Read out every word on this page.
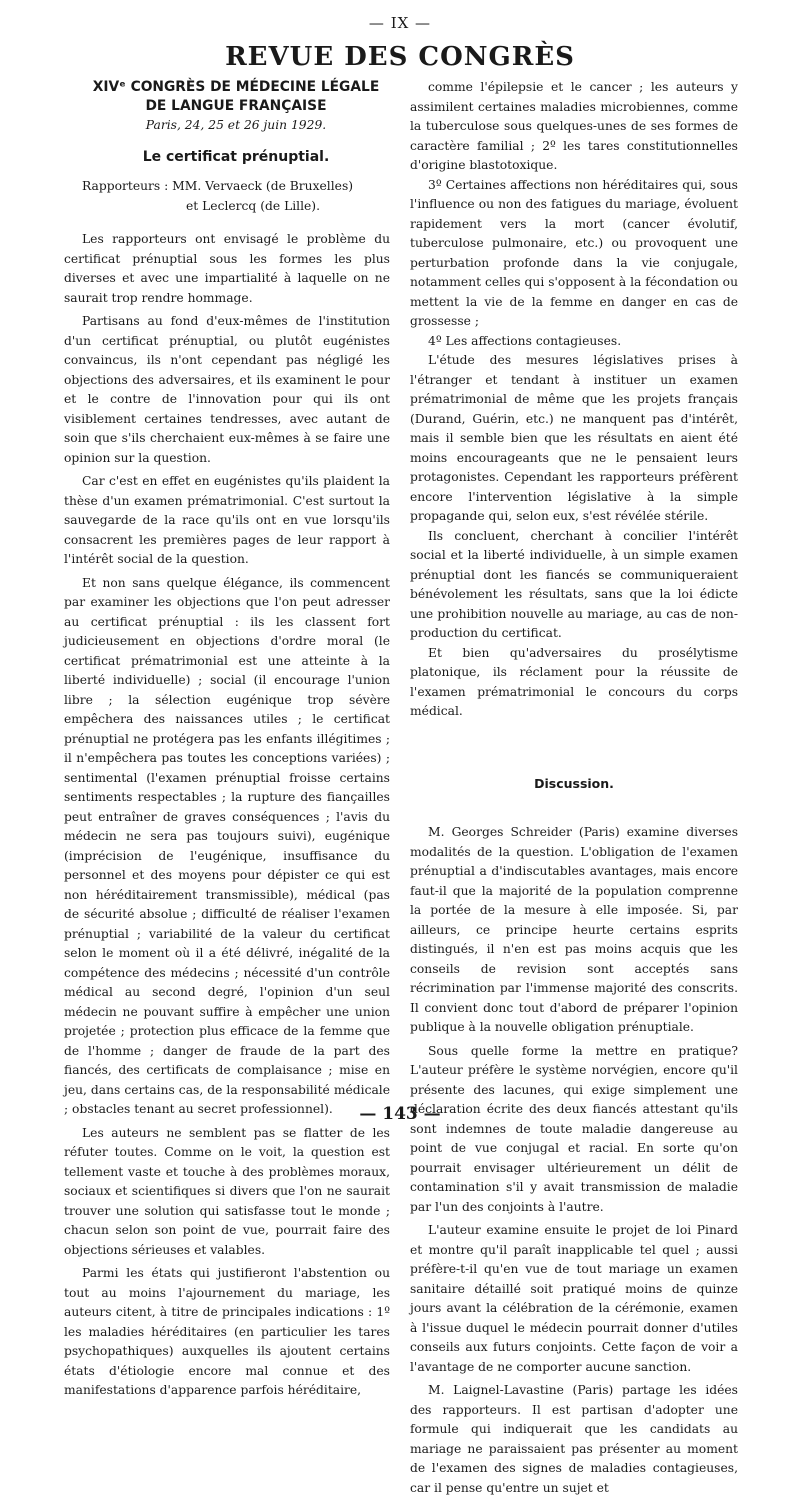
— IX —
REVUE DES CONGRÈS

XIVᵉ CONGRÈS DE MÉDECINE LÉGALE

DE LANGUE FRANÇAISE

Paris, 24, 25 et 26 juin 1929.

Le certificat prénuptial.

Rapporteurs : MM. Vervaeck (de Bruxelles)

et Leclercq (de Lille).

Les rapporteurs ont envisagé le problème du certificat prénuptial sous les formes les plus diverses et avec une impartialité à laquelle on ne saurait trop rendre hommage.

Partisans au fond d'eux-mêmes de l'institution d'un certificat prénuptial, ou plutôt eugénistes convaincus, ils n'ont cependant pas négligé les objections des adversaires, et ils examinent le pour et le contre de l'innovation pour qui ils ont visiblement certaines tendresses, avec autant de soin que s'ils cherchaient eux-mêmes à se faire une opinion sur la question.

Car c'est en effet en eugénistes qu'ils plaident la thèse d'un examen prématrimonial. C'est surtout la sauvegarde de la race qu'ils ont en vue lorsqu'ils consacrent les premières pages de leur rapport à l'intérêt social de la question.

Et non sans quelque élégance, ils commencent par examiner les objections que l'on peut adresser au certificat prénuptial : ils les classent fort judicieusement en objections d'ordre moral (le certificat prématrimonial est une atteinte à la liberté individuelle) ; social (il encourage l'union libre ; la sélection eugénique trop sévère empêchera des naissances utiles ; le certificat prénuptial ne protégera pas les enfants illégitimes ; il n'empêchera pas toutes les conceptions variées) ; sentimental (l'examen prénuptial froisse certains sentiments respectables ; la rupture des fiançailles peut entraîner de graves conséquences ; l'avis du médecin ne sera pas toujours suivi), eugénique (imprécision de l'eugénique, insuffisance du personnel et des moyens pour dépister ce qui est non héréditairement transmissible), médical (pas de sécurité absolue ; difficulté de réaliser l'examen prénuptial ; variabilité de la valeur du certificat selon le moment où il a été délivré, inégalité de la compétence des médecins ; nécessité d'un contrôle médical au second degré, l'opinion d'un seul médecin ne pouvant suffire à empêcher une union projetée ; protection plus efficace de la femme que de l'homme ; danger de fraude de la part des fiancés, des certificats de complaisance ; mise en jeu, dans certains cas, de la responsabilité médicale ; obstacles tenant au secret professionnel).

Les auteurs ne semblent pas se flatter de les réfuter toutes. Comme on le voit, la question est tellement vaste et touche à des problèmes moraux, sociaux et scientifiques si divers que l'on ne saurait trouver une solution qui satisfasse tout le monde ; chacun selon son point de vue, pourrait faire des objections sérieuses et valables.

Parmi les états qui justifieront l'abstention ou tout au moins l'ajournement du mariage, les auteurs citent, à titre de principales indications : 1º les maladies héréditaires (en particulier les tares psychopathiques) auxquelles ils ajoutent certains états d'étiologie encore mal connue et des manifestations d'apparence parfois héréditaire,

comme l'épilepsie et le cancer ; les auteurs y assimilent certaines maladies microbiennes, comme la tuberculose sous quelques-unes de ses formes de caractère familial ; 2º les tares constitutionnelles d'origine blastotoxique.

3º Certaines affections non héréditaires qui, sous l'influence ou non des fatigues du mariage, évoluent rapidement vers la mort (cancer évolutif, tuberculose pulmonaire, etc.) ou provoquent une perturbation profonde dans la vie conjugale, notamment celles qui s'opposent à la fécondation ou mettent la vie de la femme en danger en cas de grossesse ;

4º Les affections contagieuses.

L'étude des mesures législatives prises à l'étranger et tendant à instituer un examen prématrimonial de même que les projets français (Durand, Guérin, etc.) ne manquent pas d'intérêt, mais il semble bien que les résultats en aient été moins encourageants que ne le pensaient leurs protagonistes. Cependant les rapporteurs préfèrent encore l'intervention législative à la simple propagande qui, selon eux, s'est révélée stérile.

Ils concluent, cherchant à concilier l'intérêt social et la liberté individuelle, à un simple examen prénuptial dont les fiancés se communiqueraient bénévolement les résultats, sans que la loi édicte une prohibition nouvelle au mariage, au cas de non-production du certificat.

Et bien qu'adversaires du prosélytisme platonique, ils réclament pour la réussite de l'examen prématrimonial le concours du corps médical.

Discussion.

M. Georges Schreider (Paris) examine diverses modalités de la question. L'obligation de l'examen prénuptial a d'indiscutables avantages, mais encore faut-il que la majorité de la population comprenne la portée de la mesure à elle imposée. Si, par ailleurs, ce principe heurte certains esprits distingués, il n'en est pas moins acquis que les conseils de revision sont acceptés sans récrimination par l'immense majorité des conscrits. Il convient donc tout d'abord de préparer l'opinion publique à la nouvelle obligation prénuptiale.

Sous quelle forme la mettre en pratique? L'auteur préfère le système norvégien, encore qu'il présente des lacunes, qui exige simplement une déclaration écrite des deux fiancés attestant qu'ils sont indemnes de toute maladie dangereuse au point de vue conjugal et racial. En sorte qu'on pourrait envisager ultérieurement un délit de contamination s'il y avait transmission de maladie par l'un des conjoints à l'autre.

L'auteur examine ensuite le projet de loi Pinard et montre qu'il paraît inapplicable tel quel ; aussi préfère-t-il qu'en vue de tout mariage un examen sanitaire détaillé soit pratiqué moins de quinze jours avant la célébration de la cérémonie, examen à l'issue duquel le médecin pourrait donner d'utiles conseils aux futurs conjoints. Cette façon de voir a l'avantage de ne comporter aucune sanction.

M. Laignel-Lavastine (Paris) partage les idées des rapporteurs. Il est partisan d'adopter une formule qui indiquerait que les candidats au mariage ne paraissaient pas présenter au moment de l'examen des signes de maladies contagieuses, car il pense qu'entre un sujet et

— 143 —
